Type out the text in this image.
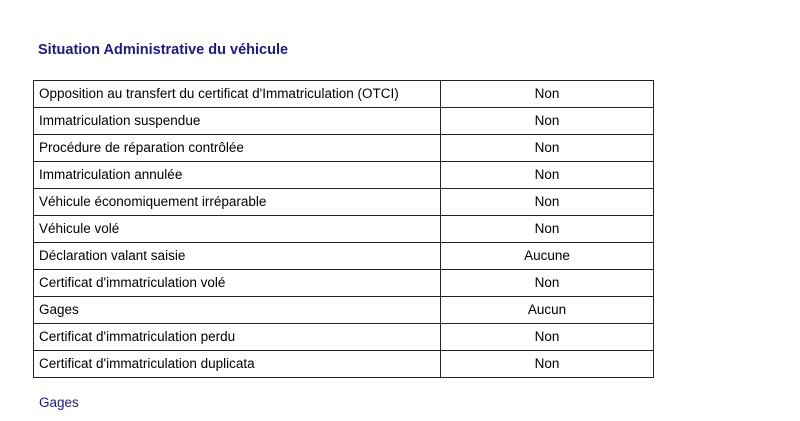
Situation Administrative du véhicule
Opposition au transfert du certificat d'Immatriculation (OTCI)	Non
Immatriculation suspendue	Non
Procédure de réparation contrôlée	Non
Immatriculation annulée	Non
Véhicule économiquement irréparable	Non
Véhicule volé	Non
Déclaration valant saisie	Aucune
Certificat d'immatriculation volé	Non
Gages	Aucun
Certificat d'immatriculation perdu	Non
Certificat d'immatriculation duplicata	Non
Gages
